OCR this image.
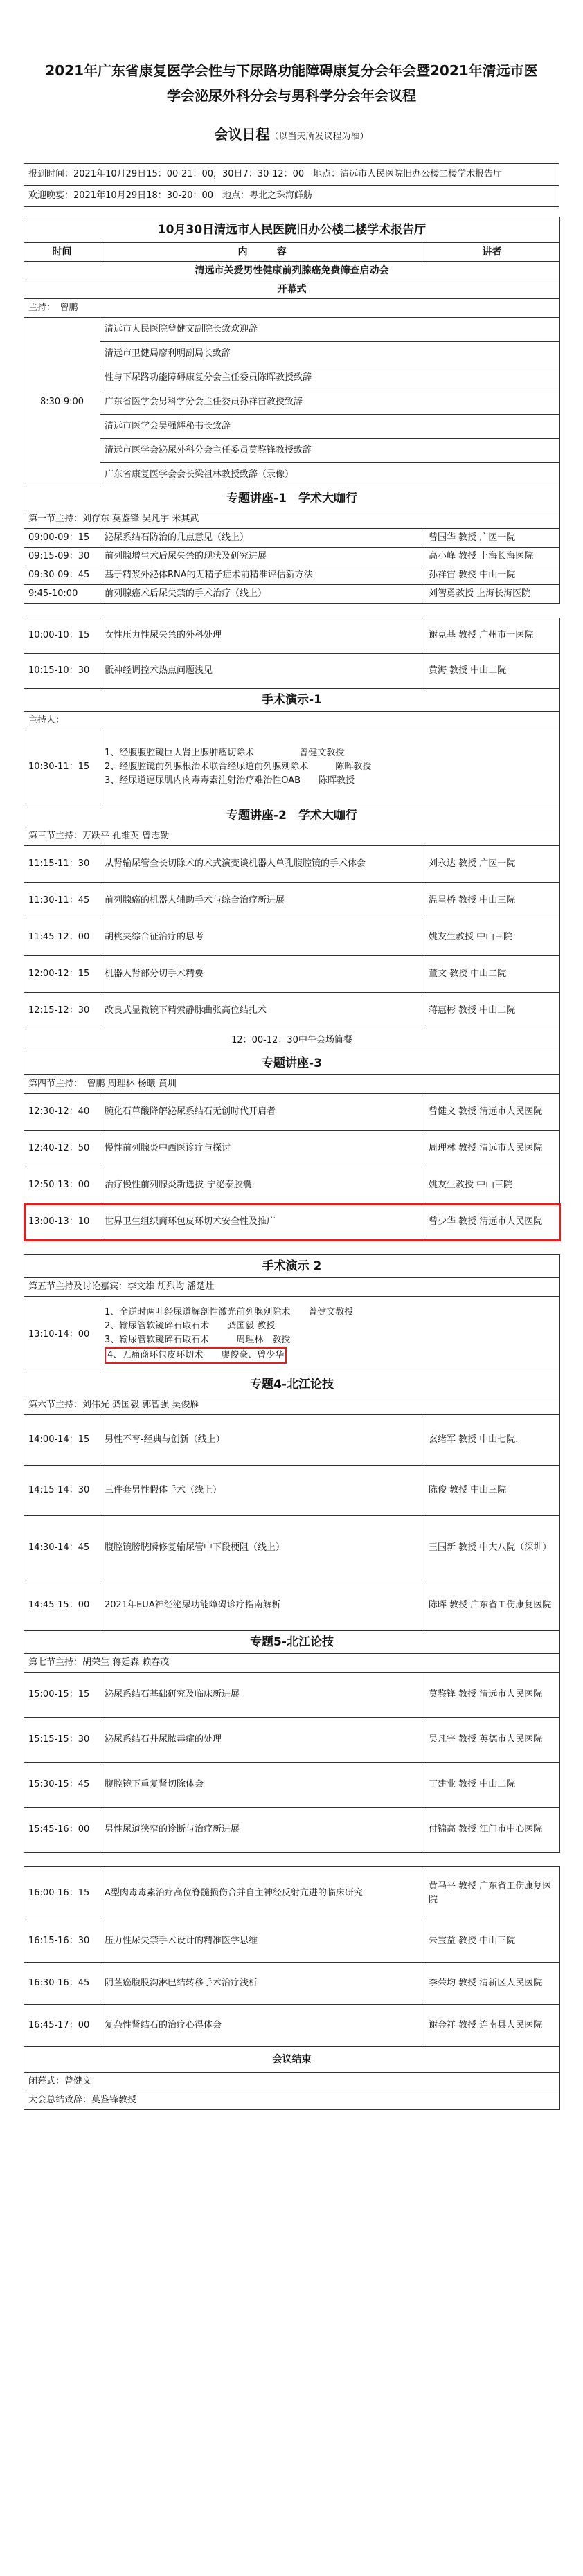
2021年广东省康复医学会性与下尿路功能障碍康复分会年会暨2021年清远市医
学会泌尿外科分会与男科学分会年会议程
会议日程（以当天所发议程为准）
报到时间：2021年10月29日15：00-21：00，30日7：30-12：00　地点：清远市人民医院旧办公楼二楼学术报告厅
欢迎晚宴：2021年10月29日18：30-20：00　地点：粤北之珠海鲜舫
10月30日清远市人民医院旧办公楼二楼学术报告厅		
时间	内　　　容	讲者
清远市关爱男性健康前列腺癌免费筛查启动会		
开幕式		
主持：　曾鹏		
8:30-9:00	清远市人民医院曾健文副院长致欢迎辞	
	清远市卫健局廖利明副局长致辞	
	性与下尿路功能障碍康复分会主任委员陈晖教授致辞	
	广东省医学会男科学分会主任委员孙祥宙教授致辞	
	清远市医学会吴强辉秘书长致辞	
	清远市医学会泌尿外科分会主任委员莫鉴锋教授致辞	
	广东省康复医学会会长梁祖林教授致辞（录像）	
专题讲座-1　学术大咖行		
第一节主持：刘存东 莫鉴锋 吴凡宇 米其武		
09:00-09：15	泌尿系结石防治的几点意见（线上）	曾国华 教授 广医一院
09:15-09：30	前列腺增生术后尿失禁的现状及研究进展	高小峰 教授 上海长海医院
09:30-09：45	基于精浆外泌体RNA的无精子症术前精准评估新方法	孙祥宙 教授 中山一院
9:45-10:00	前列腺癌术后尿失禁的手术治疗（线上）	刘智勇教授 上海长海医院
10:00-10：15	女性压力性尿失禁的外科处理	谢克基 教授 广州市一医院
10:15-10：30	骶神经调控术热点问题浅见	黄海 教授 中山二院
手术演示-1		
主持人：		
10:30-11：15	1、经腹腹腔镜巨大肾上腺肿瘤切除术　　　　　曾健文教授
2、经腹腔镜前列腺根治术联合经尿道前列腺剜除术　　　陈晖教授
3、经尿道逼尿肌内肉毒毒素注射治疗难治性OAB　　陈晖教授	

专题讲座-2　学术大咖行		
第三节主持：万跃平 孔维英 曾志勤		
11:15-11：30	从肾输尿管全长切除术的术式演变谈机器人单孔腹腔镜的手术体会	刘永达 教授 广医一院
11:30-11：45	前列腺癌的机器人辅助手术与综合治疗新进展	温星桥 教授 中山三院
11:45-12：00	胡桃夹综合征治疗的思考	姚友生教授 中山三院
12:00-12：15	机器人肾部分切手术精要	董文 教授 中山二院
12:15-12：30	改良式显微镜下精索静脉曲张高位结扎术	蒋惠彬 教授 中山二院
12：00-12：30中午会场简餐		
专题讲座-3		
第四节主持：　曾鹏 周理林 杨曦 黄圳		
12:30-12：40	腕化石草酸降解泌尿系结石无创时代开启者	曾健文 教授 清远市人民医院
12:40-12：50	慢性前列腺炎中西医诊疗与探讨	周理林 教授 清远市人民医院
12:50-13：00	治疗慢性前列腺炎新选拔-宁泌泰胶囊	姚友生教授 中山三院
13:00-13：10	世界卫生组织商环包皮环切术安全性及推广	曾少华 教授 清远市人民医院
手术演示 2		
第五节主持及讨论嘉宾：李文雄 胡烈均 潘楚灶		
13:10-14：00	1、全逆时两叶经尿道解剖性激光前列腺剜除术　　曾健文教授
2、输尿管软镜碎石取石术　　龚国毅 教授
3、输尿管软镜碎石取石术　　　周理林　教授
4、无痛商环包皮环切术　　廖俊豪、曾少华	

专题4-北江论技		
第六节主持：刘伟光 龚国毅 郭智强 吴俊雁		
14:00-14：15	男性不育-经典与创新（线上）	玄绪军 教授 中山七院.
14:15-14：30	三件套男性假体手术（线上）	陈俊 教授 中山三院
14:30-14：45	腹腔镜膀胱瞬修复输尿管中下段梗阻（线上）	王国新 教授 中大八院（深圳）
14:45-15：00	2021年EUA神经泌尿功能障碍诊疗指南解析	陈晖 教授 广东省工伤康复医院
专题5-北江论技		
第七节主持：胡荣生 蒋廷森 赖春茂		
15:00-15：15	泌尿系结石基础研究及临床新进展	莫鉴锋 教授 清远市人民医院
15:15-15：30	泌尿系结石并尿脓毒症的处理	吴凡宇 教授 英德市人民医院
15:30-15：45	腹腔镜下重复肾切除体会	丁建业 教授 中山二院
15:45-16：00	男性尿道狭窄的诊断与治疗新进展	付锦高 教授 江门市中心医院
16:00-16：15	A型肉毒毒素治疗高位脊髓损伤合并自主神经反射亢进的临床研究	黄马平 教授 广东省工伤康复医院
16:15-16：30	压力性尿失禁手术设计的精准医学思维	朱宝益 教授 中山三院
16:30-16：45	阴茎癌腹股沟淋巴结转移手术治疗浅析	李荣均 教授 清新区人民医院
16:45-17：00	复杂性肾结石的治疗心得体会	谢金祥 教授 连南县人民医院
会议结束		
闭幕式：曾健文		
大会总结致辞：莫鉴锋教授		
